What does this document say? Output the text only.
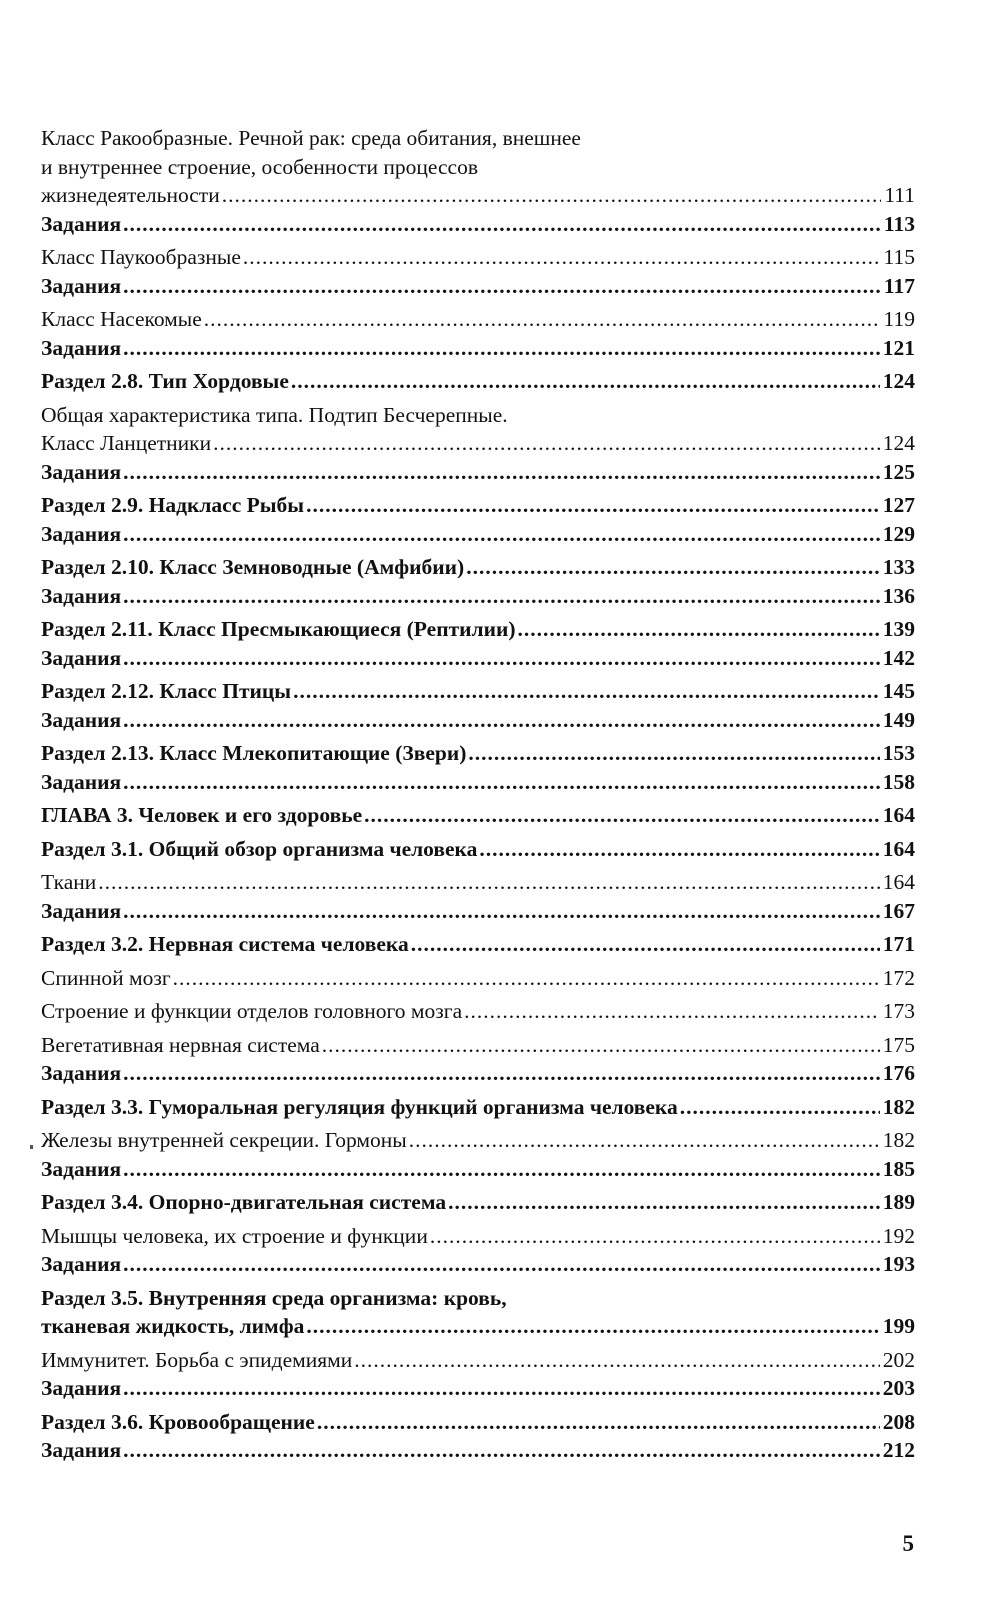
Класс Ракообразные. Речной рак: среда обитания, внешнее
и внутреннее строение, особенности процессов
жизнедеятельности .....	111
Задания .....	113
Класс Паукообразные .....	115
Задания .....	117
Класс Насекомые .....	119
Задания .....	121
Раздел 2.8. Тип Хордовые .....	124
Общая характеристика типа. Подтип Бесчерепные.
Класс Ланцетники .....	124
Задания .....	125
Раздел 2.9. Надкласс Рыбы .....	127
Задания .....	129
Раздел 2.10. Класс Земноводные (Амфибии) .....	133
Задания .....	136
Раздел 2.11. Класс Пресмыкающиеся (Рептилии) .....	139
Задания .....	142
Раздел 2.12. Класс Птицы .....	145
Задания .....	149
Раздел 2.13. Класс Млекопитающие (Звери) .....	153
Задания .....	158
ГЛАВА 3. Человек и его здоровье .....	164
Раздел 3.1. Общий обзор организма человека .....	164
Ткани .....	164
Задания .....	167
Раздел 3.2. Нервная система человека .....	171
Спинной мозг .....	172
Строение и функции отделов головного мозга .....	173
Вегетативная нервная система .....	175
Задания .....	176
Раздел 3.3. Гуморальная регуляция функций организма человека .....	182
Железы внутренней секреции. Гормоны .....	182
Задания .....	185
Раздел 3.4. Опорно-двигательная система .....	189
Мышцы человека, их строение и функции .....	192
Задания .....	193
Раздел 3.5. Внутренняя среда организма: кровь,
тканевая жидкость, лимфа .....	199
Иммунитет. Борьба с эпидемиями .....	202
Задания .....	203
Раздел 3.6. Кровообращение .....	208
Задания .....	212
5
